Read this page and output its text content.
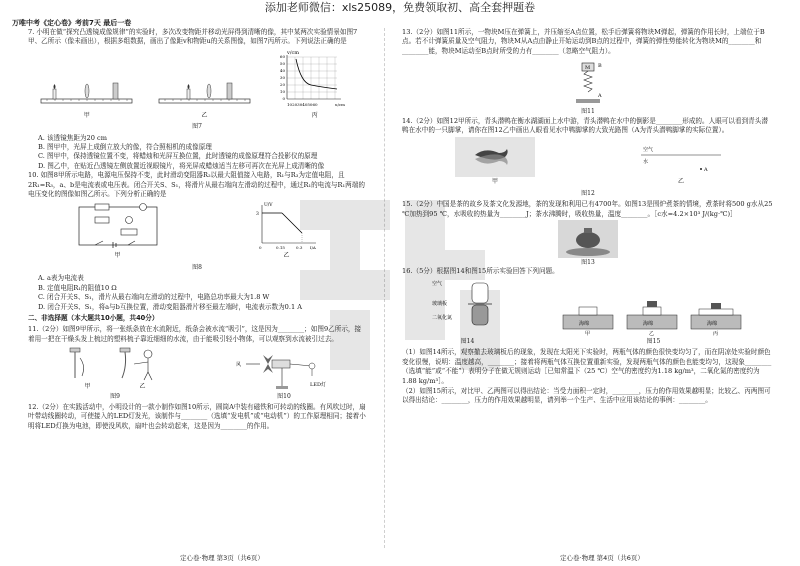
添加老师微信：xls25089，免费领取初、高全套押题卷
万唯中考《定心卷》考前7天 最后一卷

7. 小明在做“探究凸透镜成像规律”的实验时，多次改变物距并移动光屏得到清晰的像，其中某两次实验情景如图7甲、乙所示（像未画出），根据多组数据，画出了像距v和物距u的关系图像，如图7丙所示。下列说法正确的是

甲	乙
v/cm
60
50
40
30
20
10
0
102030405060	u/cm
丙
图7

A. 该透镜焦距为20 cm

B. 图甲中，光屏上成倒立放大的像，符合照相机的成像原理

C. 图甲中，保持透镜位置不变，将蜡烛和光屏互换位置，此时透镜的成像原理符合投影仪的原理

D. 图乙中，在贴近凸透镜左侧放置近视眼镜片，将光屏成蜡烛适当左移可再次在光屏上成清晰的像

10. 如图8甲所示电路，电源电压保持不变，此时滑动变阻器R₂以最大阻值接入电路，R₁与R₃为定值电阻，且2R₁=R₃，a、b是电流表或电压表。闭合开关S、S₁，将滑片从最右端向左滑动的过程中，通过R₁的电流与R₁两端的电压变化的图像如图乙所示。下列分析正确的是

甲
U/V
3
0	0.15	0.3 I/A
乙
图8

A. a表为电流表

B. 定值电阻R₁的阻值10 Ω

C. 闭合开关S、S₁，滑片从最右端向左滑动的过程中，电路总功率最大为1.8 W

D. 闭合开关S、S₁，将a与b互换位置，滑动变阻器滑片移至最左端时，电流表示数为0.1 A

二、非选择题（本大题共10小题，共40分）

11.（2分）如图9甲所示，将一张纸条放在水流附近，纸条会被水流“吸引”，这是因为________；如图9乙所示，接着用一把在干燥头发上梳过的塑料梳子靠近细细的水流，由于能吸引轻小物体，可以观察到水流被引过去。

甲	乙
图9
风
LED灯
图10

12.（2分）在实践活动中，小明设计的一款小制作如图10所示，圆筒A中装有磁铁和可转动的线圈。有风吹过时，扇叶带动线圈转动，可使接入的LED灯发光，该制作与________（选填“发电机”或“电动机”）的工作原理相同；接着小明将LED灯换为电池，即使没风吹，扇叶也会转动起来，这是因为________的作用。

定心卷·物理 第3页（共6页）

13.（2分）如图11所示，一物块M压在弹簧上，并压缩至A点位置，松手后弹簧将物块M弹起，弹簧的作用长时，上端位于B点。若不计弹簧质量及空气阻力，物块M从A点由静止开始运动到B点的过程中，弹簧的弹性势能转化为物块M的________和________能，物块M运动至B点时所受的力有________（忽略空气阻力）。

M B
A
图11

14.（2分）如图12甲所示，青头潜鸭在衡水湖湖面上水中游，青头潜鸭在水中的倒影是________形成的。人眼可以看到青头潜鸭在水中的一只脚掌，请你在图12乙中画出人眼看见水中鸭脚掌的大致光路图（A为青头潜鸭脚掌的实际位置）。

甲
空气
水
A
乙
图12

15.（2分）中国是茶的故乡及茶文化发源地，茶的发现和利用已有4700年。如图13是围炉煮茶的情境，煮茶时将500 g水从25 ℃加热到95 ℃，水吸收的热量为________J；茶水沸腾时，吸收热量，温度________。［c水=4.2×10³ J/(kg·℃)］

图13

16.（5分）根据图14和图15所示实验回答下列问题。

空气
玻璃板
二氧化氮
图14
海绵
甲
海绵
乙
海绵
丙
图15

（1）如图14所示，观察撤去玻璃板后的现象，发现在太阳光下实验时，两瓶气体的颜色很快变均匀了，而在阴凉处实验时颜色变化很慢，说明：温度越高，________；接着将两瓶气体互换位置重新实验，发现两瓶气体的颜色也能变均匀，这现象________（选填“能”或“不能”）表明分子在做无规则运动［已知常温下（25 ℃）空气的密度约为1.18 kg/m³，二氧化氮的密度约为1.88 kg/m³］。

（2）如图15所示，对比甲、乙两图可以得出结论：当受力面积一定时，________，压力的作用效果越明显；比较乙、丙两图可以得出结论：________，压力的作用效果越明显，请列举一个生产、生活中应用该结论的事例：________。

定心卷·物理 第4页（共6页）
